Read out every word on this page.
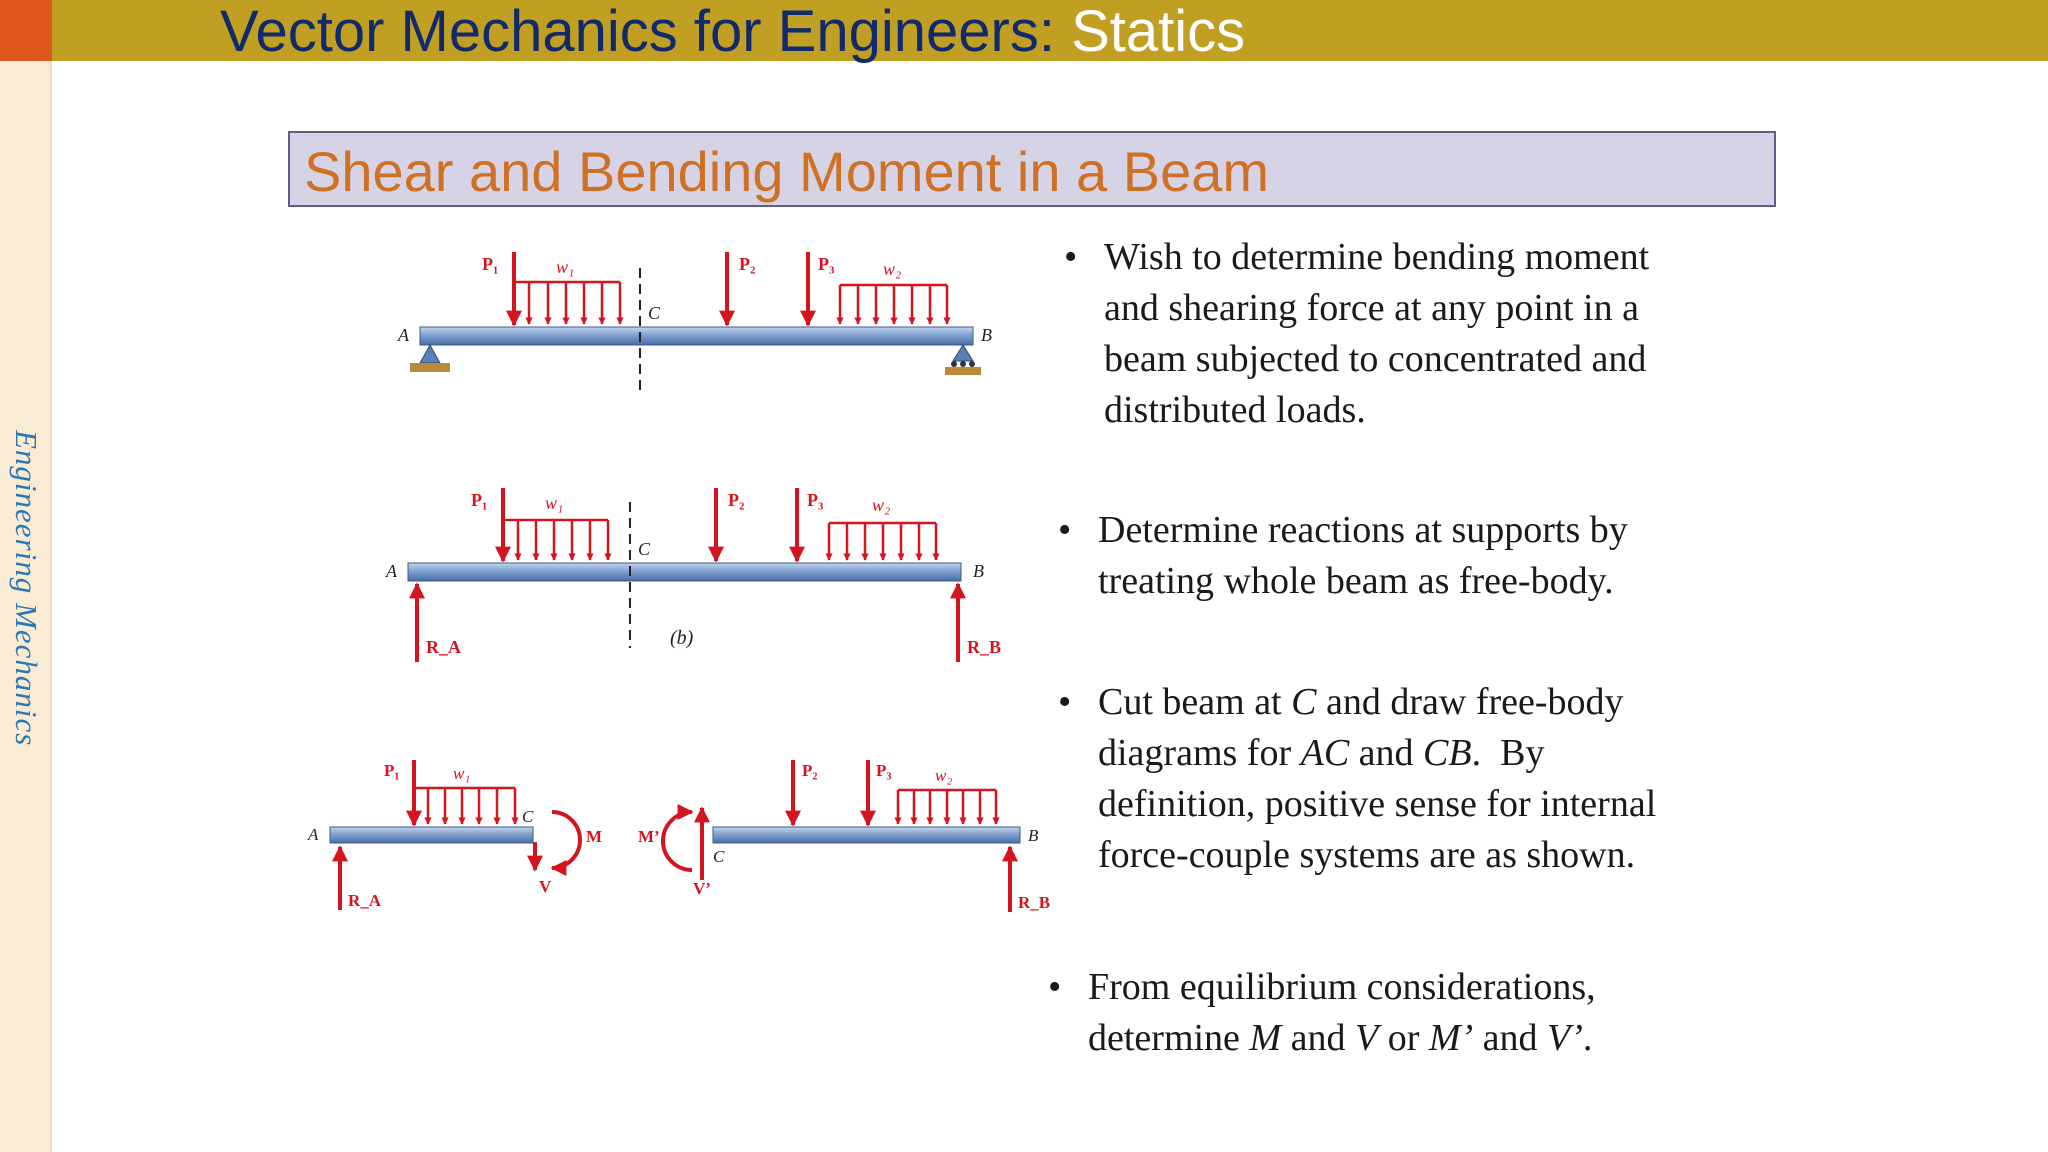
Engineering Mechanics
Vector Mechanics for Engineers: Statics
Shear and Bending Moment in a Beam
A	B
C
P₁	P₂	P₃
w₁	w₂
A	B
C
P₁	P₂	P₃
w₁	w₂
R_A	R_B
(b)
A
C
P₁	w₁
R_A
M
V
B
C
P₂	P₃	w₂
M’
V’
R_B
• Wish to determine bending moment
and shearing force at any point in a
beam subjected to concentrated and
distributed loads.
• Determine reactions at supports by
treating whole beam as free-body.
• Cut beam at C and draw free-body
diagrams for AC and CB.  By
definition, positive sense for internal
force-couple systems are as shown.
• From equilibrium considerations,
determine M and V or M’ and V’.
